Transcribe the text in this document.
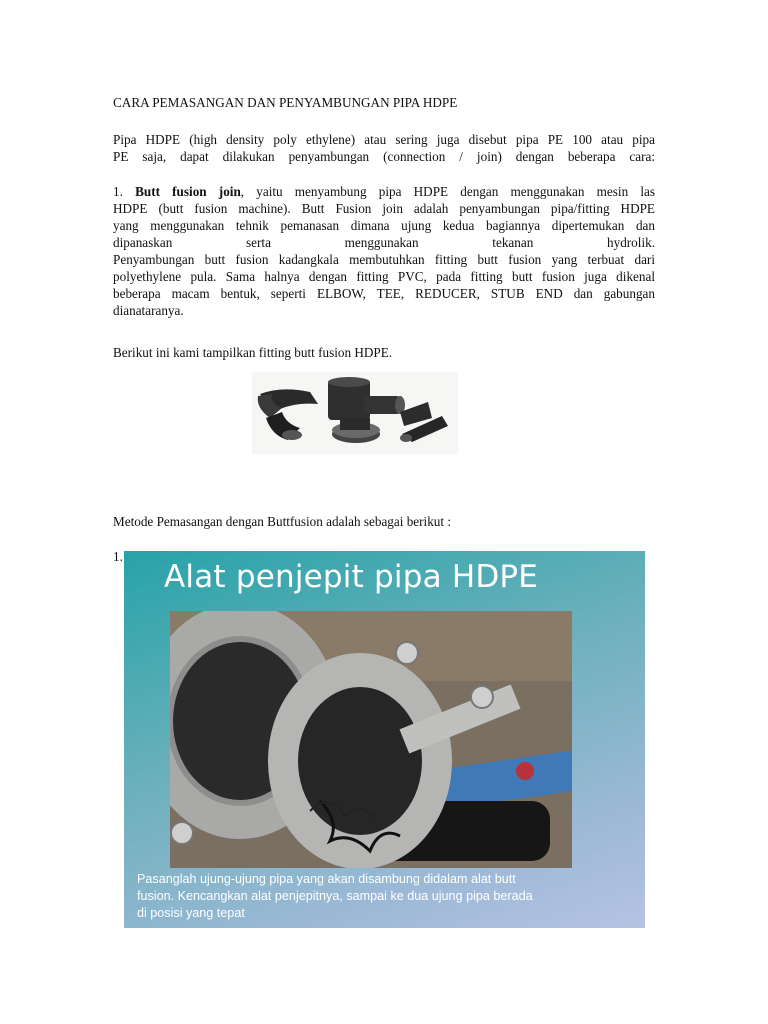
CARA PEMASANGAN DAN PENYAMBUNGAN PIPA HDPE
Pipa HDPE (high density poly ethylene) atau sering juga disebut pipa PE 100 atau pipa
PE saja, dapat dilakukan penyambungan (connection / join) dengan beberapa cara:
1. Butt fusion join, yaitu menyambung pipa HDPE dengan menggunakan mesin las
HDPE (butt fusion machine). Butt Fusion join adalah penyambungan pipa/fitting HDPE
yang menggunakan tehnik pemanasan dimana ujung kedua bagiannya dipertemukan dan
dipanaskan serta menggunakan tekanan hydrolik.
Penyambungan butt fusion kadangkala membutuhkan fitting butt fusion yang terbuat dari
polyethylene pula. Sama halnya dengan fitting PVC, pada fitting butt fusion juga dikenal
beberapa macam bentuk, seperti ELBOW, TEE, REDUCER, STUB END dan gabungan
dianataranya.
Berikut ini kami tampilkan fitting butt fusion HDPE.
Metode Pemasangan dengan Buttfusion adalah sebagai berikut :
1.
Alat penjepit pipa HDPE
Pasanglah ujung-ujung pipa yang akan disambung didalam alat butt
fusion. Kencangkan alat penjepitnya, sampai ke dua ujung pipa berada
di posisi yang tepat
